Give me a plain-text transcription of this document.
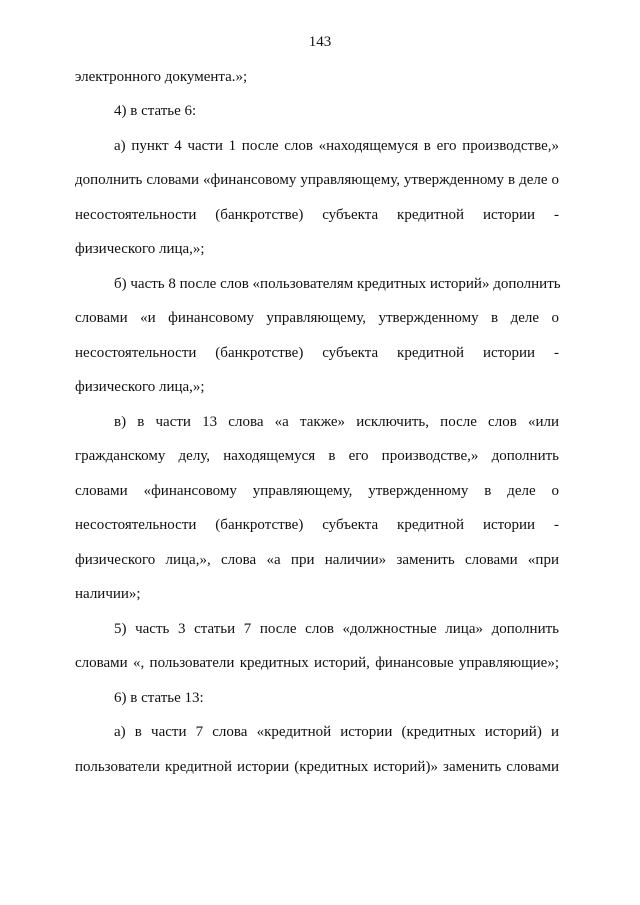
143
электронного документа.»;
4) в статье 6:
а) пункт 4 части 1 после слов «находящемуся в его производстве,»
дополнить словами «финансовому управляющему, утвержденному в деле о
несостоятельности (банкротстве) субъекта кредитной истории -
физического лица,»;
б) часть 8 после слов «пользователям кредитных историй» дополнить
словами «и финансовому управляющему, утвержденному в деле о
несостоятельности (банкротстве) субъекта кредитной истории -
физического лица,»;
в) в части 13 слова «а также» исключить, после слов «или
гражданскому делу, находящемуся в его производстве,» дополнить
словами «финансовому управляющему, утвержденному в деле о
несостоятельности (банкротстве) субъекта кредитной истории -
физического лица,», слова «а при наличии» заменить словами «при
наличии»;
5) часть 3 статьи 7 после слов «должностные лица» дополнить
словами «, пользователи кредитных историй, финансовые управляющие»;
6) в статье 13:
а) в части 7 слова «кредитной истории (кредитных историй) и
пользователи кредитной истории (кредитных историй)» заменить словами
